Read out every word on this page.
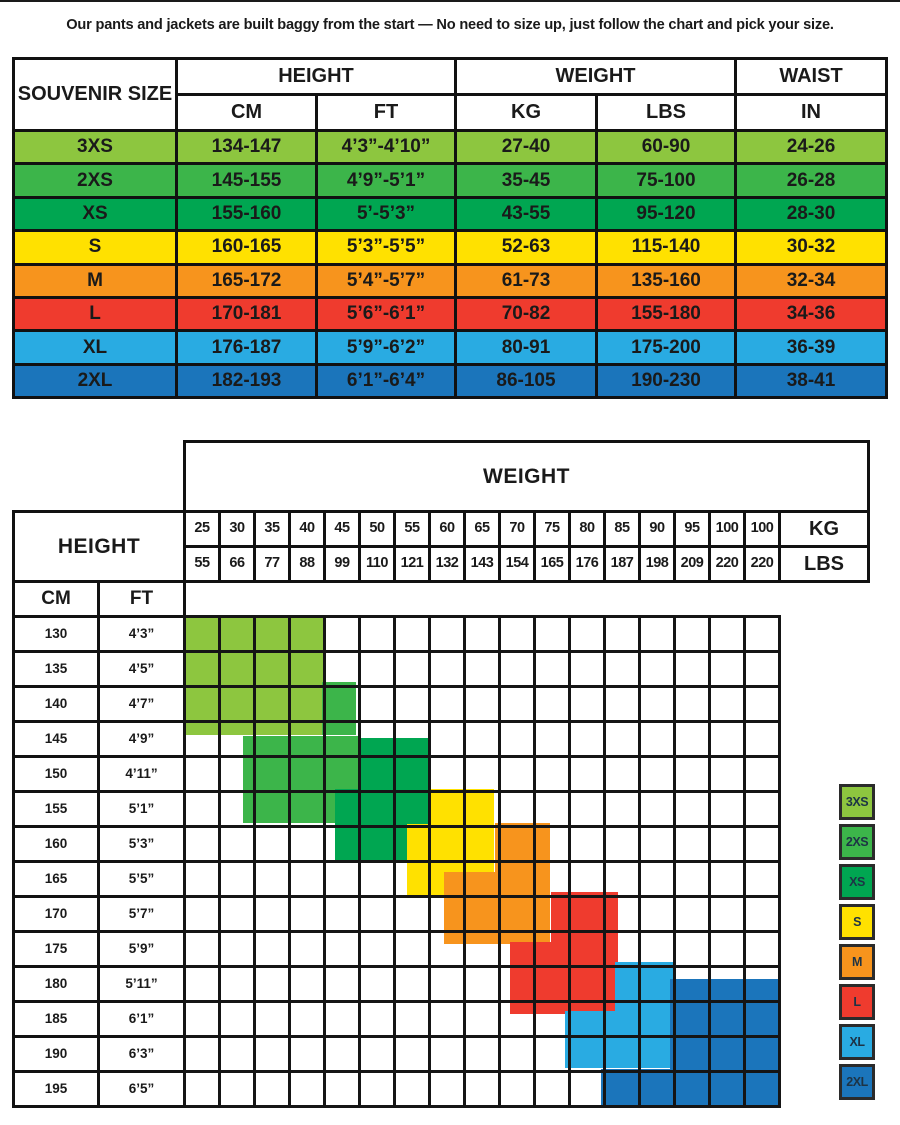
Our pants and jackets are built baggy from the start — No need to size up, just follow the chart and pick your size.
SOUVENIR SIZE
HEIGHT	WEIGHT	WAIST
CM	FT	KG	LBS	IN
3XS	134-147	4’3”-4’10”	27-40	60-90	24-26
2XS	145-155	4’9”-5’1”	35-45	75-100	26-28
XS	155-160	5’-5’3”	43-55	95-120	28-30
S	160-165	5’3”-5’5”	52-63	115-140	30-32
M	165-172	5’4”-5’7”	61-73	135-160	32-34
L	170-181	5’6”-6’1”	70-82	155-180	34-36
XL	176-187	5’9”-6’2”	80-91	175-200	36-39
2XL	182-193	6’1”-6’4”	86-105	190-230	38-41
WEIGHT
HEIGHT
25	30	35	40	45	50	55	60	65	70	75	80	85	90	95	100 100
55	66	77	88	99	110 121 132 143 154 165 176 187 198 209 220 220
KG
LBS
CM	FT
130	4’3”
135	4’5”
140	4’7”
145	4’9”
150	4’11”
155	5’1”
160	5’3”
165	5’5”
170	5’7”
175	5’9”
180	5’11”
185	6’1”
190	6’3”
195	6’5”
3XS
2XS
XS
S
M
L
XL
2XL
